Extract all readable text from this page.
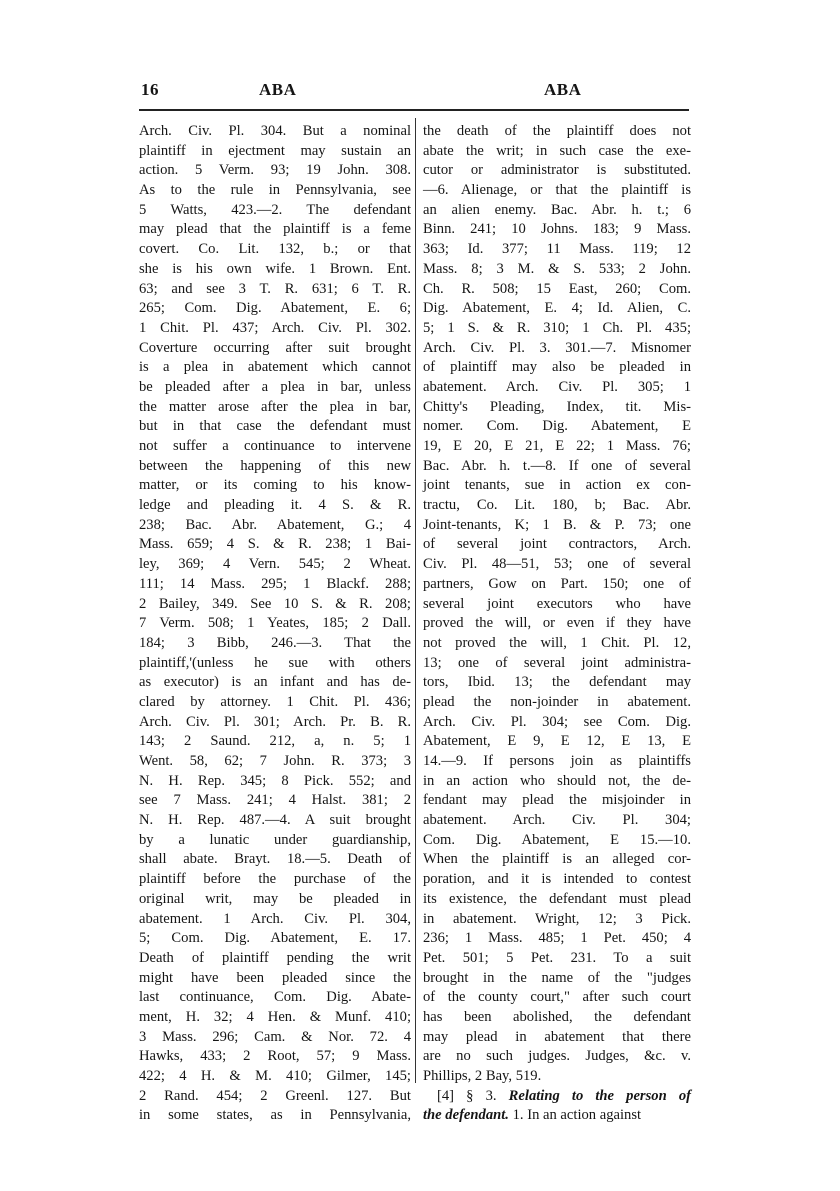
16	ABA	ABA
Arch. Civ. Pl. 304. But a nominal
plaintiff in ejectment may sustain an
action. 5 Verm. 93; 19 John. 308.
As to the rule in Pennsylvania, see
5 Watts, 423.—2. The defendant
may plead that the plaintiff is a feme
covert. Co. Lit. 132, b.; or that
she is his own wife. 1 Brown. Ent.
63; and see 3 T. R. 631; 6 T. R.
265; Com. Dig. Abatement, E. 6;
1 Chit. Pl. 437; Arch. Civ. Pl. 302.
Coverture occurring after suit brought
is a plea in abatement which cannot
be pleaded after a plea in bar, unless
the matter arose after the plea in bar,
but in that case the defendant must
not suffer a continuance to intervene
between the happening of this new
matter, or its coming to his know-
ledge and pleading it. 4 S. & R.
238; Bac. Abr. Abatement, G.; 4
Mass. 659; 4 S. & R. 238; 1 Bai-
ley, 369; 4 Vern. 545; 2 Wheat.
111; 14 Mass. 295; 1 Blackf. 288;
2 Bailey, 349. See 10 S. & R. 208;
7 Verm. 508; 1 Yeates, 185; 2 Dall.
184; 3 Bibb, 246.—3. That the
plaintiff,'(unless he sue with others
as executor) is an infant and has de-
clared by attorney. 1 Chit. Pl. 436;
Arch. Civ. Pl. 301; Arch. Pr. B. R.
143; 2 Saund. 212, a, n. 5; 1
Went. 58, 62; 7 John. R. 373; 3
N. H. Rep. 345; 8 Pick. 552; and
see 7 Mass. 241; 4 Halst. 381; 2
N. H. Rep. 487.—4. A suit brought
by a lunatic under guardianship,
shall abate. Brayt. 18.—5. Death of
plaintiff before the purchase of the
original writ, may be pleaded in
abatement. 1 Arch. Civ. Pl. 304,
5; Com. Dig. Abatement, E. 17.
Death of plaintiff pending the writ
might have been pleaded since the
last continuance, Com. Dig. Abate-
ment, H. 32; 4 Hen. & Munf. 410;
3 Mass. 296; Cam. & Nor. 72. 4
Hawks, 433; 2 Root, 57; 9 Mass.
422; 4 H. & M. 410; Gilmer, 145;
2 Rand. 454; 2 Greenl. 127. But
in some states, as in Pennsylvania,
the death of the plaintiff does not
abate the writ; in such case the exe-
cutor or administrator is substituted.
—6. Alienage, or that the plaintiff is
an alien enemy. Bac. Abr. h. t.; 6
Binn. 241; 10 Johns. 183; 9 Mass.
363; Id. 377; 11 Mass. 119; 12
Mass. 8; 3 M. & S. 533; 2 John.
Ch. R. 508; 15 East, 260; Com.
Dig. Abatement, E. 4; Id. Alien, C.
5; 1 S. & R. 310; 1 Ch. Pl. 435;
Arch. Civ. Pl. 3. 301.—7. Misnomer
of plaintiff may also be pleaded in
abatement. Arch. Civ. Pl. 305; 1
Chitty's Pleading, Index, tit. Mis-
nomer. Com. Dig. Abatement, E
19, E 20, E 21, E 22; 1 Mass. 76;
Bac. Abr. h. t.—8. If one of several
joint tenants, sue in action ex con-
tractu, Co. Lit. 180, b; Bac. Abr.
Joint-tenants, K; 1 B. & P. 73; one
of several joint contractors, Arch.
Civ. Pl. 48—51, 53; one of several
partners, Gow on Part. 150; one of
several joint executors who have
proved the will, or even if they have
not proved the will, 1 Chit. Pl. 12,
13; one of several joint administra-
tors, Ibid. 13; the defendant may
plead the non-joinder in abatement.
Arch. Civ. Pl. 304; see Com. Dig.
Abatement, E 9, E 12, E 13, E
14.—9. If persons join as plaintiffs
in an action who should not, the de-
fendant may plead the misjoinder in
abatement. Arch. Civ. Pl. 304;
Com. Dig. Abatement, E 15.—10.
When the plaintiff is an alleged cor-
poration, and it is intended to contest
its existence, the defendant must plead
in abatement. Wright, 12; 3 Pick.
236; 1 Mass. 485; 1 Pet. 450; 4
Pet. 501; 5 Pet. 231. To a suit
brought in the name of the "judges
of the county court," after such court
has been abolished, the defendant
may plead in abatement that there
are no such judges. Judges, &c. v.
Phillips, 2 Bay, 519.
[4] § 3. Relating to the person of
the defendant. 1. In an action against
